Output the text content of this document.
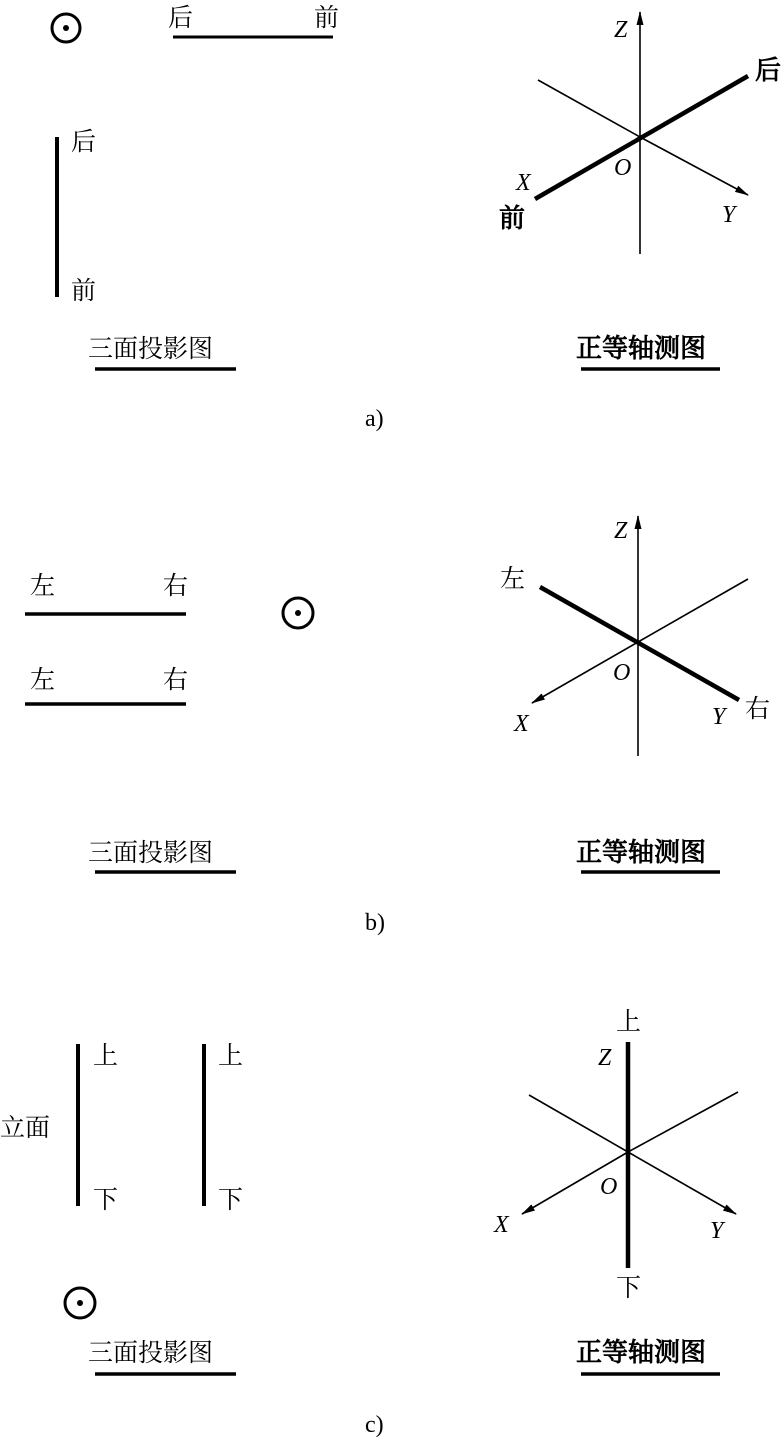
后	前
后
前
三面投影图
Z
O
X
Y
后
前
正等轴测图
a)
左	右
左	右
三面投影图
Z
O
X	Y
左
右
正等轴测图
b)
上
下
立面
上
下
三面投影图
上
Z
O
X	Y
下
正等轴测图
c)
